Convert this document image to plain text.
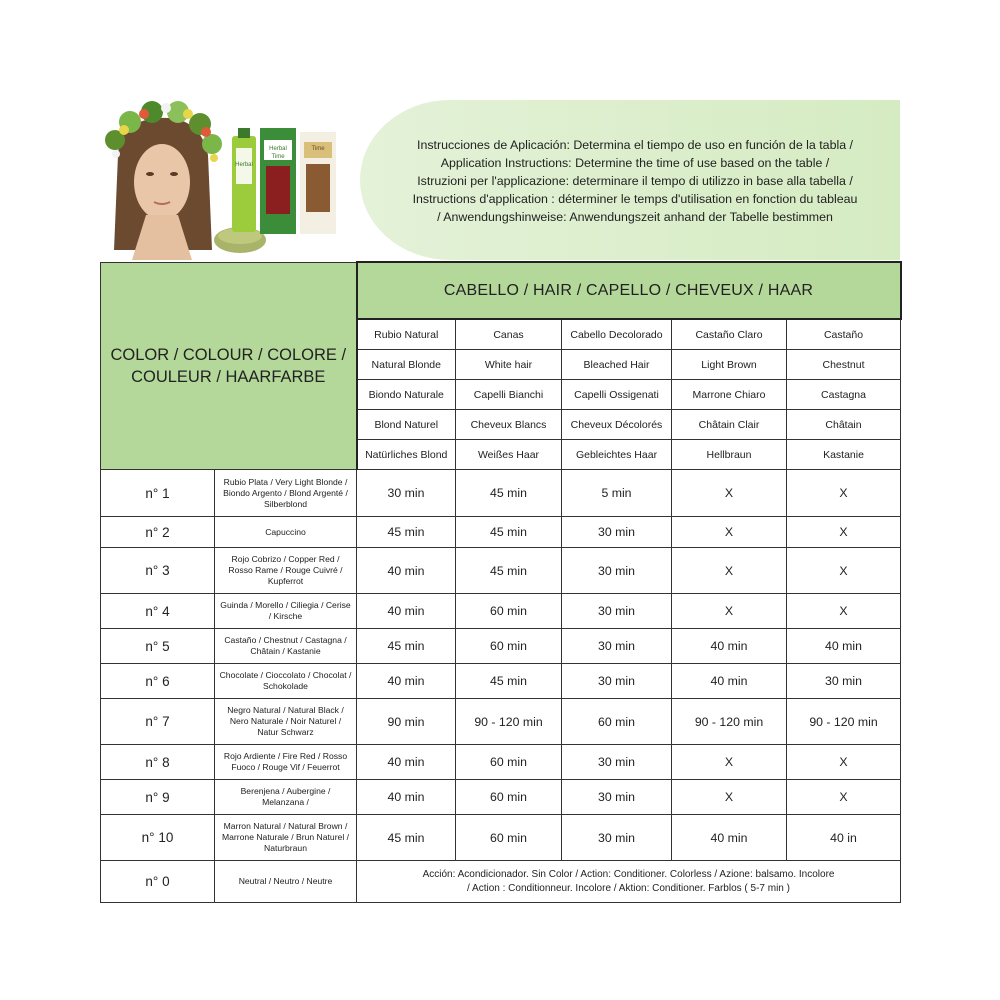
Herbal
Herbal
Time
Time	Instrucciones de Aplicación: Determina el tiempo de uso en función de la tabla /
Application Instructions: Determine the time of use based on the table /
Istruzioni per l'applicazione: determinare il tempo di utilizzo in base alla tabella /
Instructions d'application : déterminer le temps d'utilisation en fonction du tableau
/ Anwendungshinweise: Anwendungszeit anhand der Tabelle bestimmen
COLOR / COLOUR / COLORE /
COULEUR / HAARFARBE		CABELLO / HAIR / CAPELLO / CHEVEUX / HAAR				
		Rubio Natural	Canas	Cabello Decolorado	Castaño Claro	Castaño
		Natural Blonde	White hair	Bleached Hair	Light Brown	Chestnut
		Biondo Naturale	Capelli Bianchi	Capelli Ossigenati	Marrone Chiaro	Castagna
		Blond Naturel	Cheveux Blancs	Cheveux Décolorés	Châtain Clair	Châtain
		Natürliches Blond	Weißes Haar	Gebleichtes Haar	Hellbraun	Kastanie
n° 1	Rubio Plata / Very Light Blonde / Biondo Argento / Blond Argenté / Silberblond	30 min	45 min	5 min	X	X
n° 2	Capuccino	45 min	45 min	30 min	X	X
n° 3	Rojo Cobrizo / Copper Red / Rosso Rame / Rouge Cuivré / Kupferrot	40 min	45 min	30 min	X	X
n° 4	Guinda / Morello / Ciliegia / Cerise / Kirsche	40 min	60 min	30 min	X	X
n° 5	Castaño / Chestnut / Castagna / Châtain / Kastanie	45 min	60 min	30 min	40 min	40 min
n° 6	Chocolate / Cioccolato / Chocolat / Schokolade	40 min	45 min	30 min	40 min	30 min
n° 7	Negro Natural / Natural Black / Nero Naturale / Noir Naturel / Natur Schwarz	90 min	90 - 120 min	60 min	90 - 120 min	90 - 120 min
n° 8	Rojo Ardiente / Fire Red / Rosso Fuoco / Rouge Vif / Feuerrot	40 min	60 min	30 min	X	X
n° 9	Berenjena / Aubergine / Melanzana /	40 min	60 min	30 min	X	X
n° 10	Marron Natural / Natural Brown / Marrone Naturale / Brun Naturel / Naturbraun	45 min	60 min	30 min	40 min	40 in
n° 0	Neutral / Neutro / Neutre	Acción: Acondicionador. Sin Color / Action: Conditioner. Colorless / Azione: balsamo. Incolore
/ Action : Conditionneur. Incolore / Aktion: Conditioner. Farblos ( 5-7 min )				
